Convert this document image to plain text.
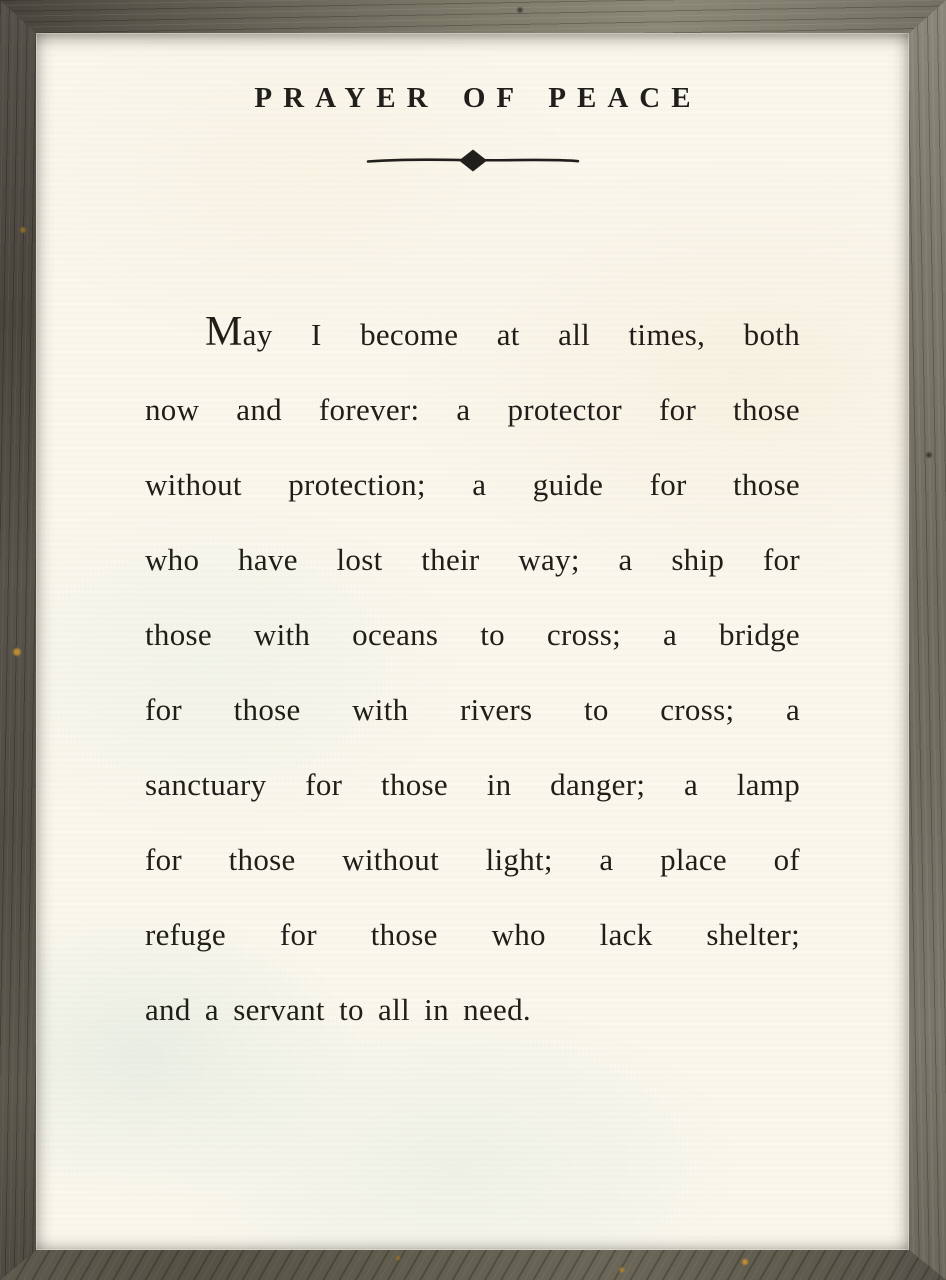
PRAYER OF PEACE
May I become at all times, both
now and forever: a protector for those
without protection; a guide for those
who have lost their way; a ship for
those with oceans to cross; a bridge
for those with rivers to cross; a
sanctuary for those in danger; a lamp
for those without light; a place of
refuge for those who lack shelter;
and a servant to all in need.
